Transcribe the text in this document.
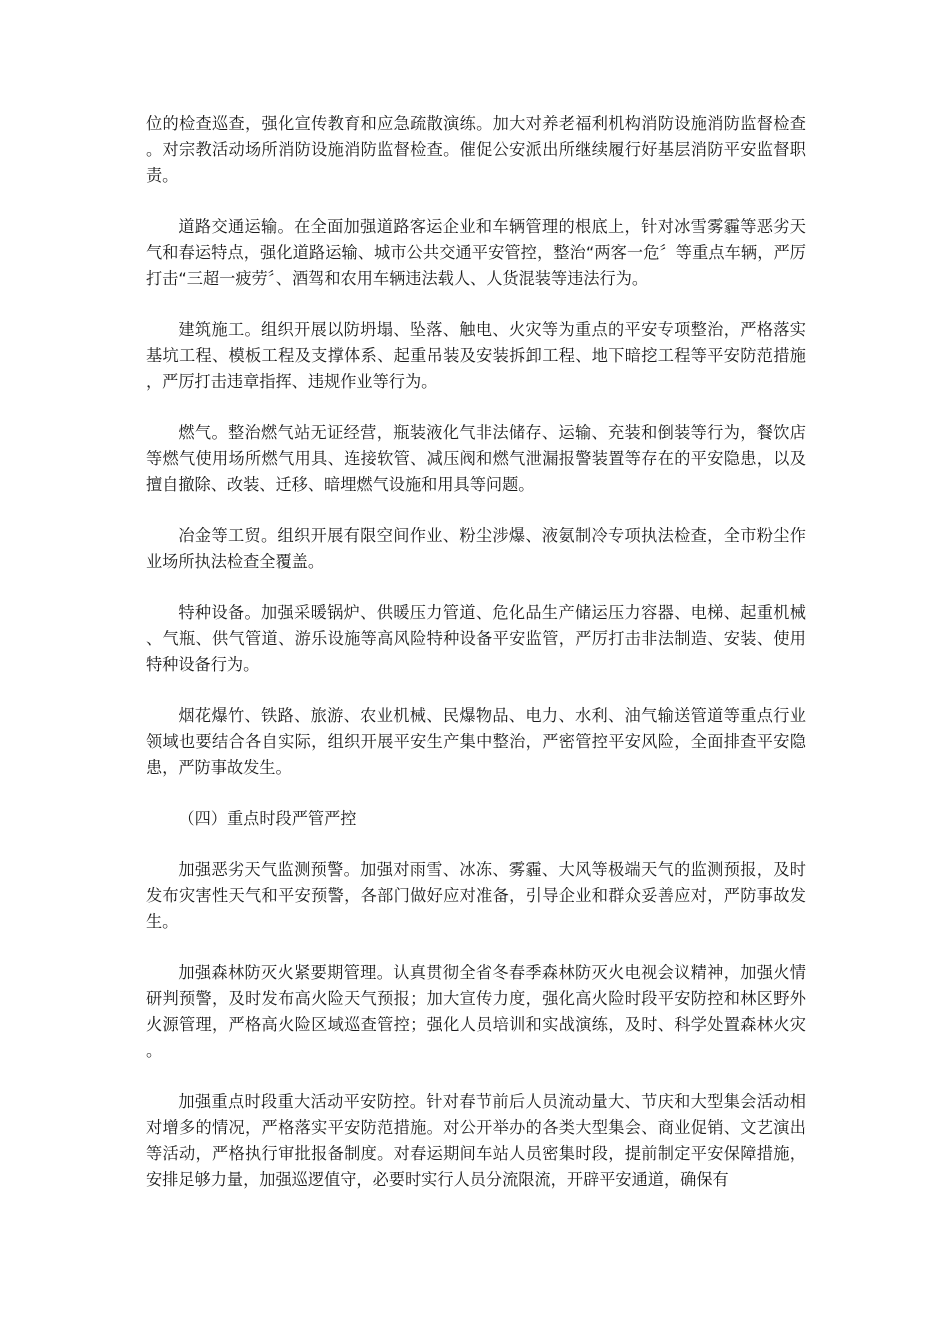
位的检查巡查，强化宣传教育和应急疏散演练。加大对养老福利机构消防设施消防监督检查。对宗教活动场所消防设施消防监督检查。催促公安派出所继续履行好基层消防平安监督职责。

道路交通运输。在全面加强道路客运企业和车辆管理的根底上，针对冰雪雾霾等恶劣天气和春运特点，强化道路运输、城市公共交通平安管控，整治“两客一危〞等重点车辆，严厉打击“三超一疲劳〞、酒驾和农用车辆违法载人、人货混装等违法行为。

建筑施工。组织开展以防坍塌、坠落、触电、火灾等为重点的平安专项整治，严格落实基坑工程、模板工程及支撑体系、起重吊装及安装拆卸工程、地下暗挖工程等平安防范措施，严厉打击违章指挥、违规作业等行为。

燃气。整治燃气站无证经营，瓶装液化气非法储存、运输、充装和倒装等行为，餐饮店等燃气使用场所燃气用具、连接软管、减压阀和燃气泄漏报警装置等存在的平安隐患，以及擅自撤除、改装、迁移、暗埋燃气设施和用具等问题。

冶金等工贸。组织开展有限空间作业、粉尘涉爆、液氨制冷专项执法检查，全市粉尘作业场所执法检查全覆盖。

特种设备。加强采暖锅炉、供暖压力管道、危化品生产储运压力容器、电梯、起重机械、气瓶、供气管道、游乐设施等高风险特种设备平安监管，严厉打击非法制造、安装、使用特种设备行为。

烟花爆竹、铁路、旅游、农业机械、民爆物品、电力、水利、油气输送管道等重点行业领域也要结合各自实际，组织开展平安生产集中整治，严密管控平安风险，全面排查平安隐患，严防事故发生。

（四）重点时段严管严控

加强恶劣天气监测预警。加强对雨雪、冰冻、雾霾、大风等极端天气的监测预报，及时发布灾害性天气和平安预警，各部门做好应对准备，引导企业和群众妥善应对，严防事故发生。

加强森林防灭火紧要期管理。认真贯彻全省冬春季森林防灭火电视会议精神，加强火情研判预警，及时发布高火险天气预报；加大宣传力度，强化高火险时段平安防控和林区野外火源管理，严格高火险区域巡查管控；强化人员培训和实战演练，及时、科学处置森林火灾。

加强重点时段重大活动平安防控。针对春节前后人员流动量大、节庆和大型集会活动相对增多的情况，严格落实平安防范措施。对公开举办的各类大型集会、商业促销、文艺演出等活动，严格执行审批报备制度。对春运期间车站人员密集时段，提前制定平安保障措施，安排足够力量，加强巡逻值守，必要时实行人员分流限流，开辟平安通道，确保有
